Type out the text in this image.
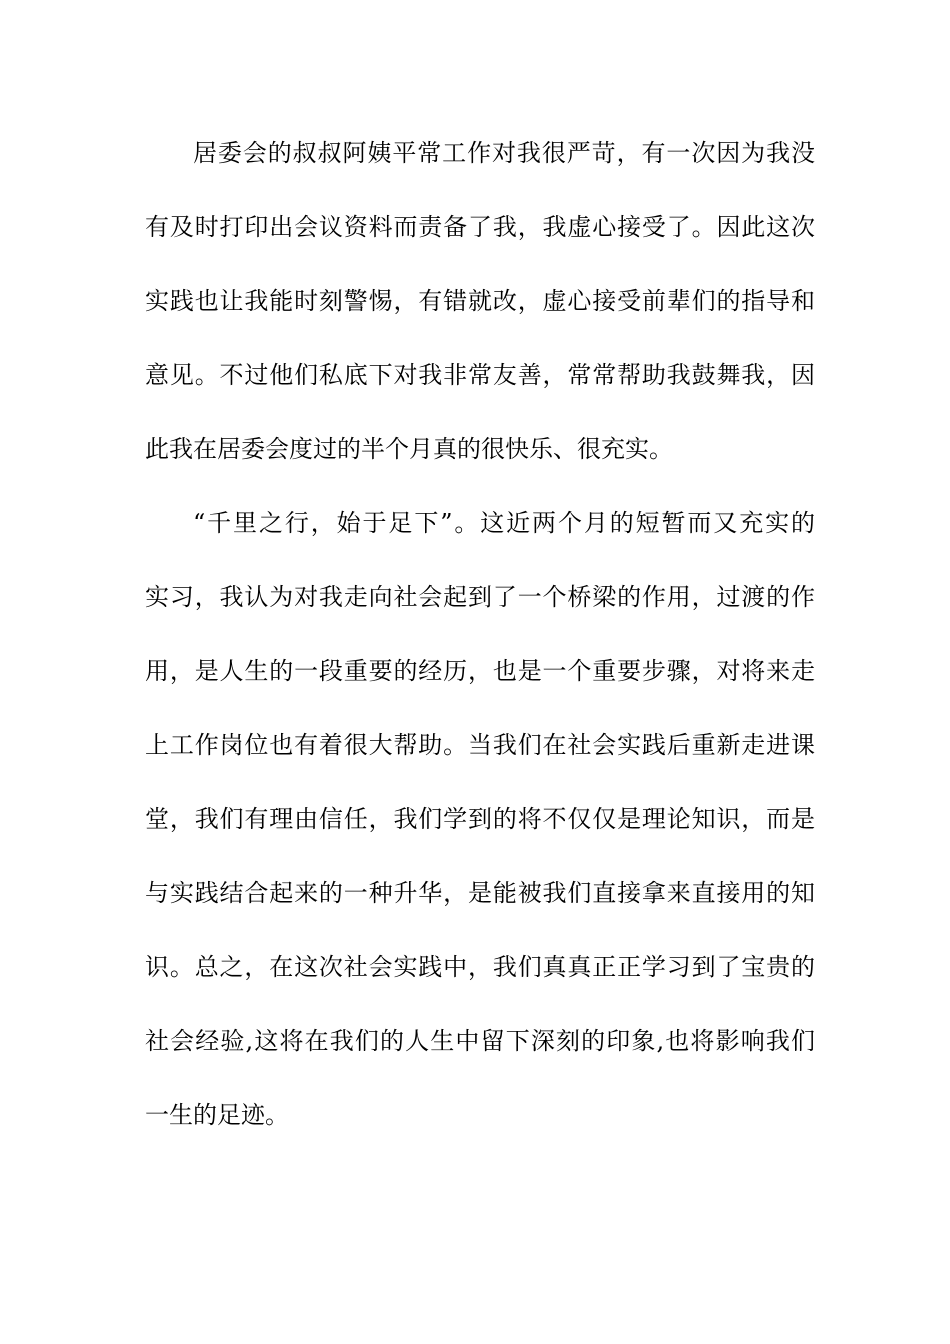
居委会的叔叔阿姨平常工作对我很严苛，有一次因为我没
有及时打印出会议资料而责备了我，我虚心接受了。因此这次
实践也让我能时刻警惕，有错就改，虚心接受前辈们的指导和
意见。不过他们私底下对我非常友善，常常帮助我鼓舞我，因
此我在居委会度过的半个月真的很快乐、很充实。
“千里之行，始于足下”。这近两个月的短暂而又充实的
实习，我认为对我走向社会起到了一个桥梁的作用，过渡的作
用，是人生的一段重要的经历，也是一个重要步骤，对将来走
上工作岗位也有着很大帮助。当我们在社会实践后重新走进课
堂，我们有理由信任，我们学到的将不仅仅是理论知识，而是
与实践结合起来的一种升华，是能被我们直接拿来直接用的知
识。总之，在这次社会实践中，我们真真正正学习到了宝贵的
社会经验,这将在我们的人生中留下深刻的印象,也将影响我们
一生的足迹。
